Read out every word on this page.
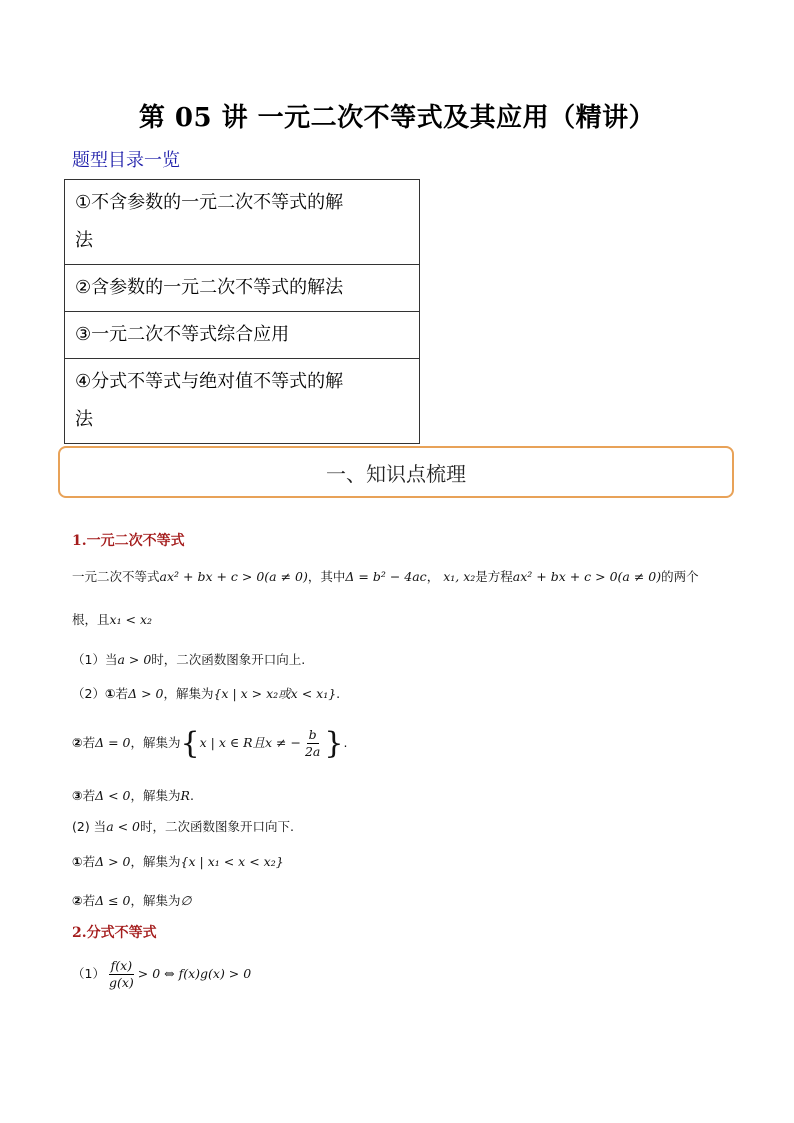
第 05 讲 一元二次不等式及其应用（精讲）
题型目录一览
①不含参数的一元二次不等式的解
法
②含参数的一元二次不等式的解法
③一元二次不等式综合应用
④分式不等式与绝对值不等式的解
法
一、知识点梳理
1.一元二次不等式
一元二次不等式ax² + bx + c > 0(a ≠ 0)，其中Δ = b² − 4ac， x₁, x₂是方程ax² + bx + c > 0(a ≠ 0)的两个
根，且x₁ < x₂
（1）当a > 0时，二次函数图象开口向上.
（2）①若Δ > 0，解集为{x | x > x₂或x < x₁}.
②若Δ = 0，解集为{x | x ∈ R且x ≠ − $\frac{b}{2a}$ }.
③若Δ < 0，解集为R.
(2) 当a < 0时，二次函数图象开口向下.
①若Δ > 0，解集为{x | x₁ < x < x₂}
②若Δ ≤ 0，解集为∅
2.分式不等式
$(1) \frac{f(x)}{g(x)} > 0$ ⇔ f(x)g(x) > 0
